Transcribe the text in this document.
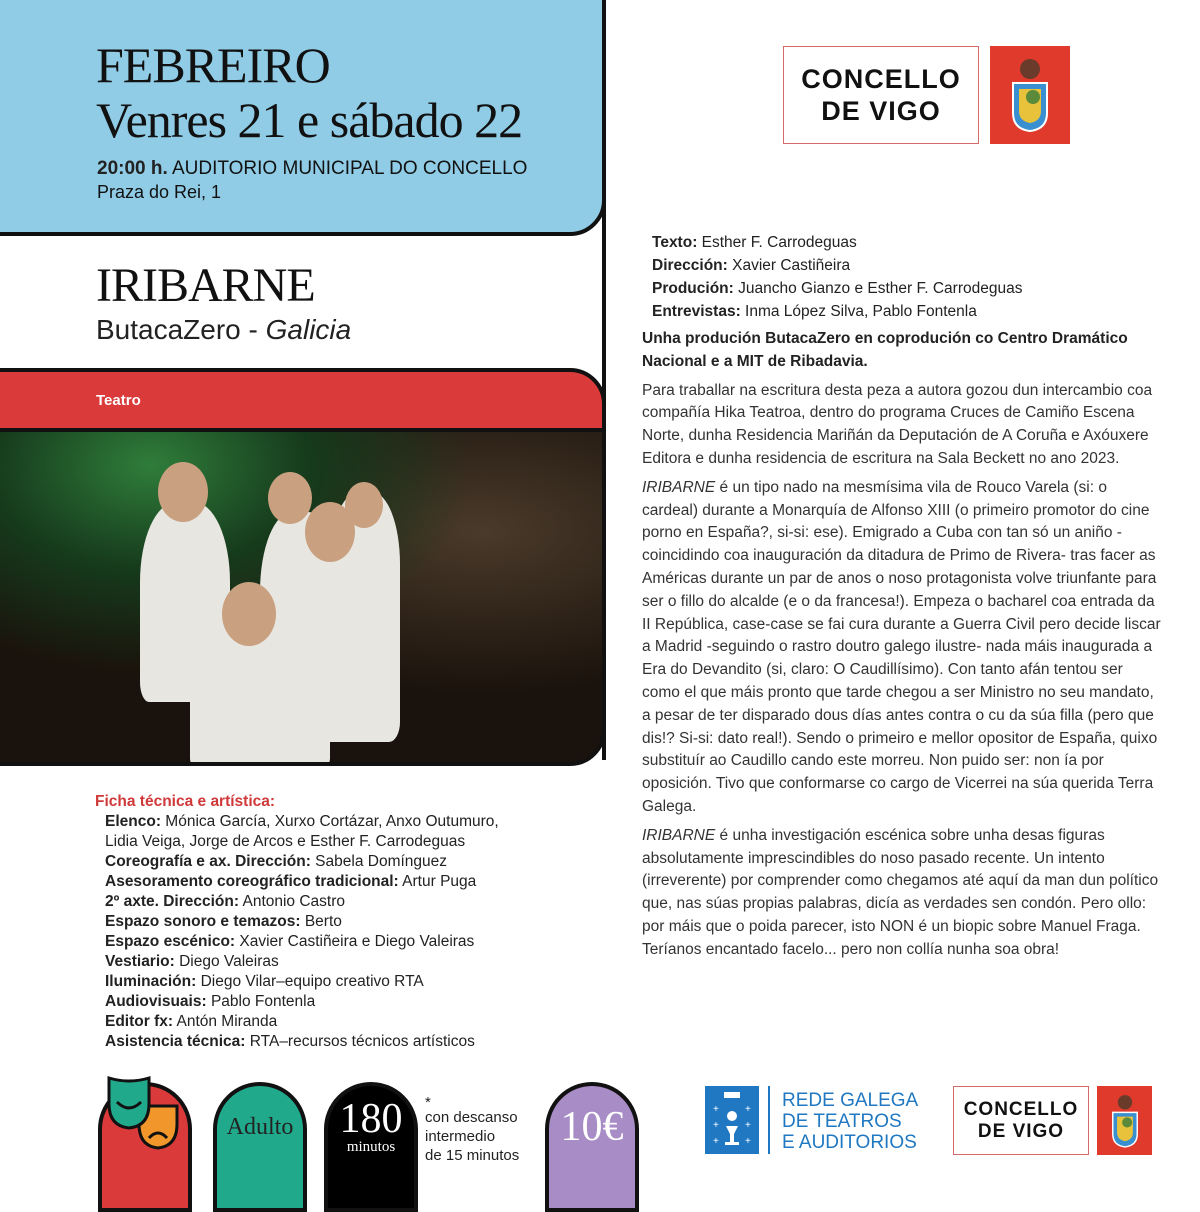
FEBREIRO
Venres 21 e sábado 22
20:00 h. AUDITORIO MUNICIPAL DO CONCELLO
Praza do Rei, 1
IRIBARNE
ButacaZero - Galicia
Teatro
Ficha técnica e artística:
Elenco: Mónica García, Xurxo Cortázar, Anxo Outumuro,
Lidia Veiga, Jorge de Arcos e Esther F. Carrodeguas
Coreografía e ax. Dirección: Sabela Domínguez
Asesoramento coreográfico tradicional: Artur Puga
2º axte. Dirección: Antonio Castro
Espazo sonoro e temazos: Berto
Espazo escénico: Xavier Castiñeira e Diego Valeiras
Vestiario: Diego Valeiras
Iluminación: Diego Vilar–equipo creativo RTA
Audiovisuais: Pablo Fontenla
Editor fx: Antón Miranda
Asistencia técnica: RTA–recursos técnicos artísticos
CONCELLO
DE VIGO
Texto: Esther F. Carrodeguas
Dirección: Xavier Castiñeira
Produción: Juancho Gianzo e Esther F. Carrodeguas
Entrevistas: Inma López Silva, Pablo Fontenla

Unha produción ButacaZero en coprodución co Centro Dramático Nacional e a MIT de Ribadavia.

Para traballar na escritura desta peza a autora gozou dun intercambio coa compañía Hika Teatroa, dentro do programa Cruces de Camiño Escena Norte, dunha Residencia Mariñán da Deputación de A Coruña e Axóuxere Editora e dunha residencia de escritura na Sala Beckett no ano 2023.

IRIBARNE é un tipo nado na mesmísima vila de Rouco Varela (si: o cardeal) durante a Monarquía de Alfonso XIII (o primeiro promotor do cine porno en España?, si-si: ese). Emigrado a Cuba con tan só un aniño -coincidindo coa inauguración da ditadura de Primo de Rivera- tras facer as Américas durante un par de anos o noso protagonista volve triunfante para ser o fillo do alcalde (e o da francesa!). Empeza o bacharel coa entrada da II República, case-case se fai cura durante a Guerra Civil pero decide liscar a Madrid -seguindo o rastro doutro galego ilustre- nada máis inaugurada a Era do Devandito (si, claro: O Caudillísimo). Con tanto afán tentou ser como el que máis pronto que tarde chegou a ser Ministro no seu mandato, a pesar de ter disparado dous días antes contra o cu da súa filla (pero que dis!? Si-si: dato real!). Sendo o primeiro e mellor opositor de España, quixo substituír ao Caudillo cando este morreu. Non puido ser: non ía por oposición. Tivo que conformarse co cargo de Vicerrei na súa querida Terra Galega.

IRIBARNE é unha investigación escénica sobre unha desas figuras absolutamente imprescindibles do noso pasado recente. Un intento (irreverente) por comprender como chegamos até aquí da man dun político que, nas súas propias palabras, dicía as verdades sen condón. Pero ollo: por máis que o poida parecer, isto NON é un biopic sobre Manuel Fraga. Teríanos encantado facelo... pero non collía nunha soa obra!

Adulto 180
minutos
*
con descanso
intermedio
de 15 minutos
10€	+	+
+	+
+	+
REDE GALEGA
DE TEATROS
E AUDITORIOS
CONCELLO
DE VIGO
